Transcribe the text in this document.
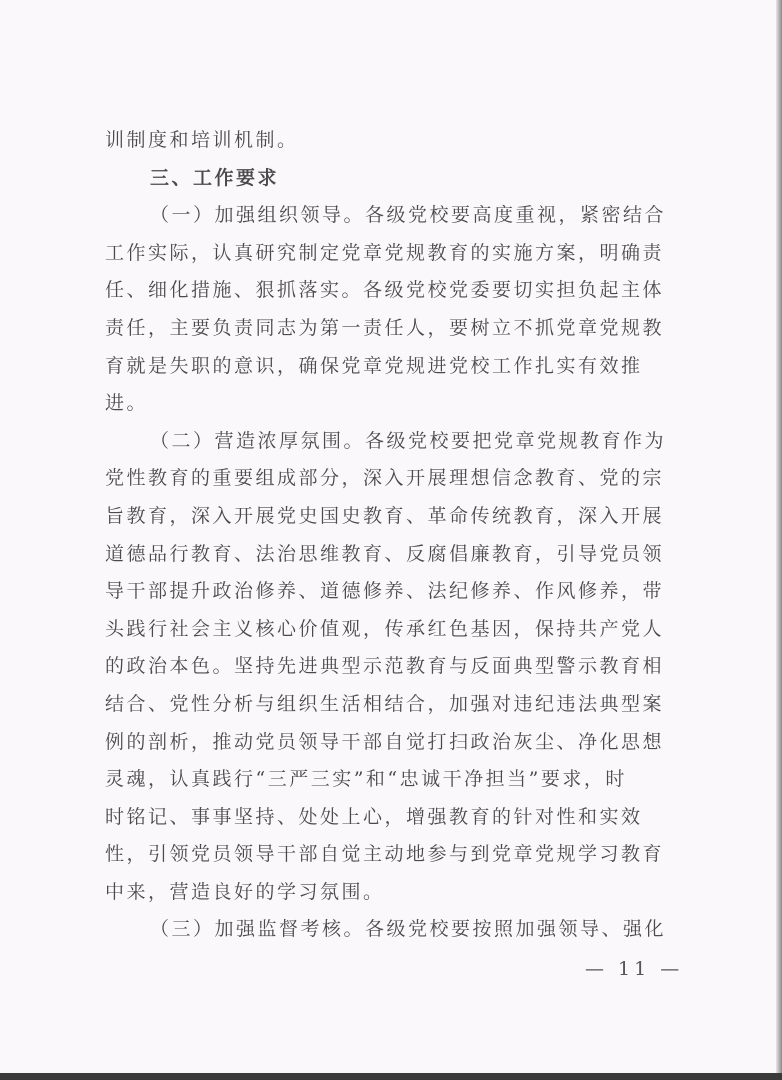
训制度和培训机制。
三、工作要求
（一）加强组织领导。各级党校要高度重视，紧密结合
工作实际，认真研究制定党章党规教育的实施方案，明确责
任、细化措施、狠抓落实。各级党校党委要切实担负起主体
责任，主要负责同志为第一责任人，要树立不抓党章党规教
育就是失职的意识，确保党章党规进党校工作扎实有效推
进。
（二）营造浓厚氛围。各级党校要把党章党规教育作为
党性教育的重要组成部分，深入开展理想信念教育、党的宗
旨教育，深入开展党史国史教育、革命传统教育，深入开展
道德品行教育、法治思维教育、反腐倡廉教育，引导党员领
导干部提升政治修养、道德修养、法纪修养、作风修养，带
头践行社会主义核心价值观，传承红色基因，保持共产党人
的政治本色。坚持先进典型示范教育与反面典型警示教育相
结合、党性分析与组织生活相结合，加强对违纪违法典型案
例的剖析，推动党员领导干部自觉打扫政治灰尘、净化思想
灵魂，认真践行“三严三实”和“忠诚干净担当”要求，时
时铭记、事事坚持、处处上心，增强教育的针对性和实效
性，引领党员领导干部自觉主动地参与到党章党规学习教育
中来，营造良好的学习氛围。
（三）加强监督考核。各级党校要按照加强领导、强化
— 11 —
